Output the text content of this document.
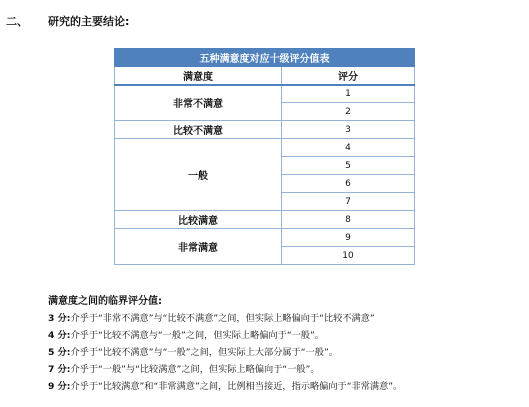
二、 研究的主要结论:
五种满意度对应十级评分值表	
满意度	评分
非常不满意	1
	2
比较不满意	3
一般	4
	5
	6
	7
比较满意	8
非常满意	9
	10
满意度之间的临界评分值:
3 分:介乎于“非常不满意”与“比较不满意”之间，但实际上略偏向于“比较不满意”
4 分:介乎于“比较不满意与“一般”之间，但实际上略偏向于“一般”。
5 分:介乎于“比较不满意”与“一般”之间，但实际上大部分属于“一般”。
7 分:介乎于“一般”与“比较满意”之间，但实际上略偏向于“一般”。
9 分:介乎于“比较满意”和“非常满意”之间，比例相当接近，指示略偏向于“非常满意”。
